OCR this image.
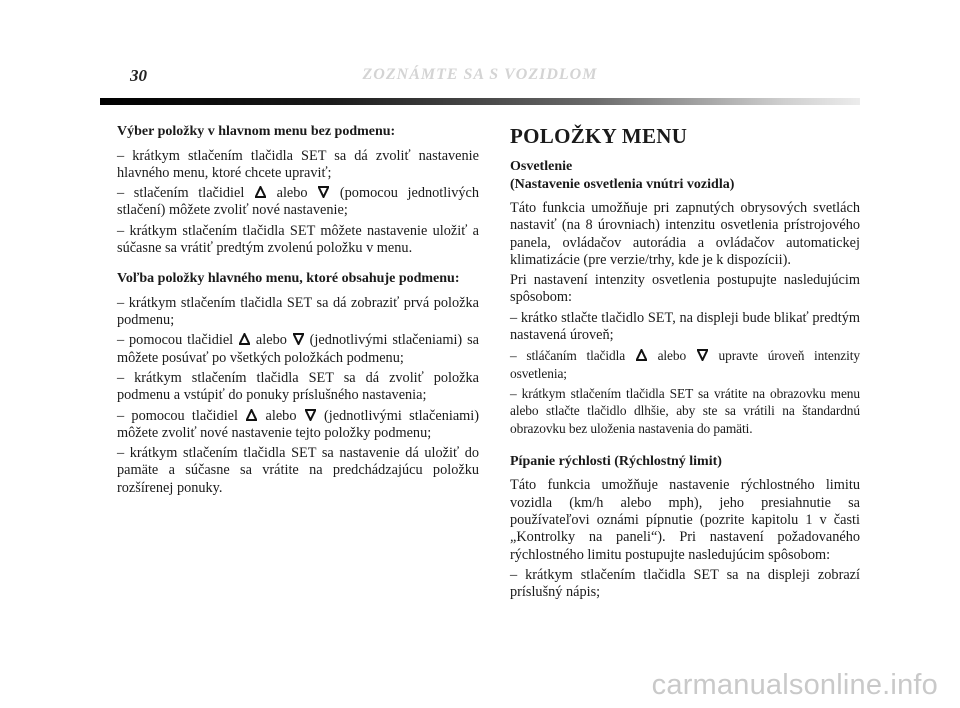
30	ZOZNÁMTE SA S VOZIDLOM
Výber položky v hlavnom menu bez podmenu:

– krátkym stlačením tlačidla SET sa dá zvoliť nastavenie hlavného menu, ktoré chcete upraviť;

– stlačením tlačidiel alebo (pomocou jednotlivých stlačení) môžete zvoliť nové nastavenie;

– krátkym stlačením tlačidla SET môžete nastavenie uložiť a súčasne sa vrátiť predtým zvolenú položku v menu.

Voľba položky hlavného menu, ktoré obsahuje podmenu:

– krátkym stlačením tlačidla SET sa dá zobraziť prvá položka podmenu;

– pomocou tlačidiel alebo (jednotlivými stlačeniami) sa môžete posúvať po všetkých položkách podmenu;

– krátkym stlačením tlačidla SET sa dá zvoliť položka podmenu a vstúpiť do ponuky príslušného nastavenia;

– pomocou tlačidiel alebo (jednotlivými stlačeniami) môžete zvoliť nové nastavenie tejto položky podmenu;

– krátkym stlačením tlačidla SET sa nastavenie dá uložiť do pamäte a súčasne sa vrátite na predchádzajúcu položku rozšírenej ponuky.

POLOŽKY MENU
Osvetlenie
(Nastavenie osvetlenia vnútri vozidla)

Táto funkcia umožňuje pri zapnutých obrysových svetlách nastaviť (na 8 úrovniach) intenzitu osvetlenia prístrojového panela, ovládačov autorádia a ovládačov automatickej klimatizácie (pre verzie/trhy, kde je k dispozícii).

Pri nastavení intenzity osvetlenia postupujte nasledujúcim spôsobom:

– krátko stlačte tlačidlo SET, na displeji bude blikať predtým nastavená úroveň;

– stláčaním tlačidla alebo upravte úroveň intenzity osvetlenia;

– krátkym stlačením tlačidla SET sa vrátite na obrazovku menu alebo stlačte tlačidlo dlhšie, aby ste sa vrátili na štandardnú obrazovku bez uloženia nastavenia do pamäti.

Pípanie rýchlosti (Rýchlostný limit)

Táto funkcia umožňuje nastavenie rýchlostného limitu vozidla (km/h alebo mph), jeho presiahnutie sa používateľovi oznámi pípnutie (pozrite kapitolu 1 v časti „Kontrolky na paneli“). Pri nastavení požadovaného rýchlostného limitu postupujte nasledujúcim spôsobom:

– krátkym stlačením tlačidla SET sa na displeji zobrazí príslušný nápis;

carmanualsonline.info
